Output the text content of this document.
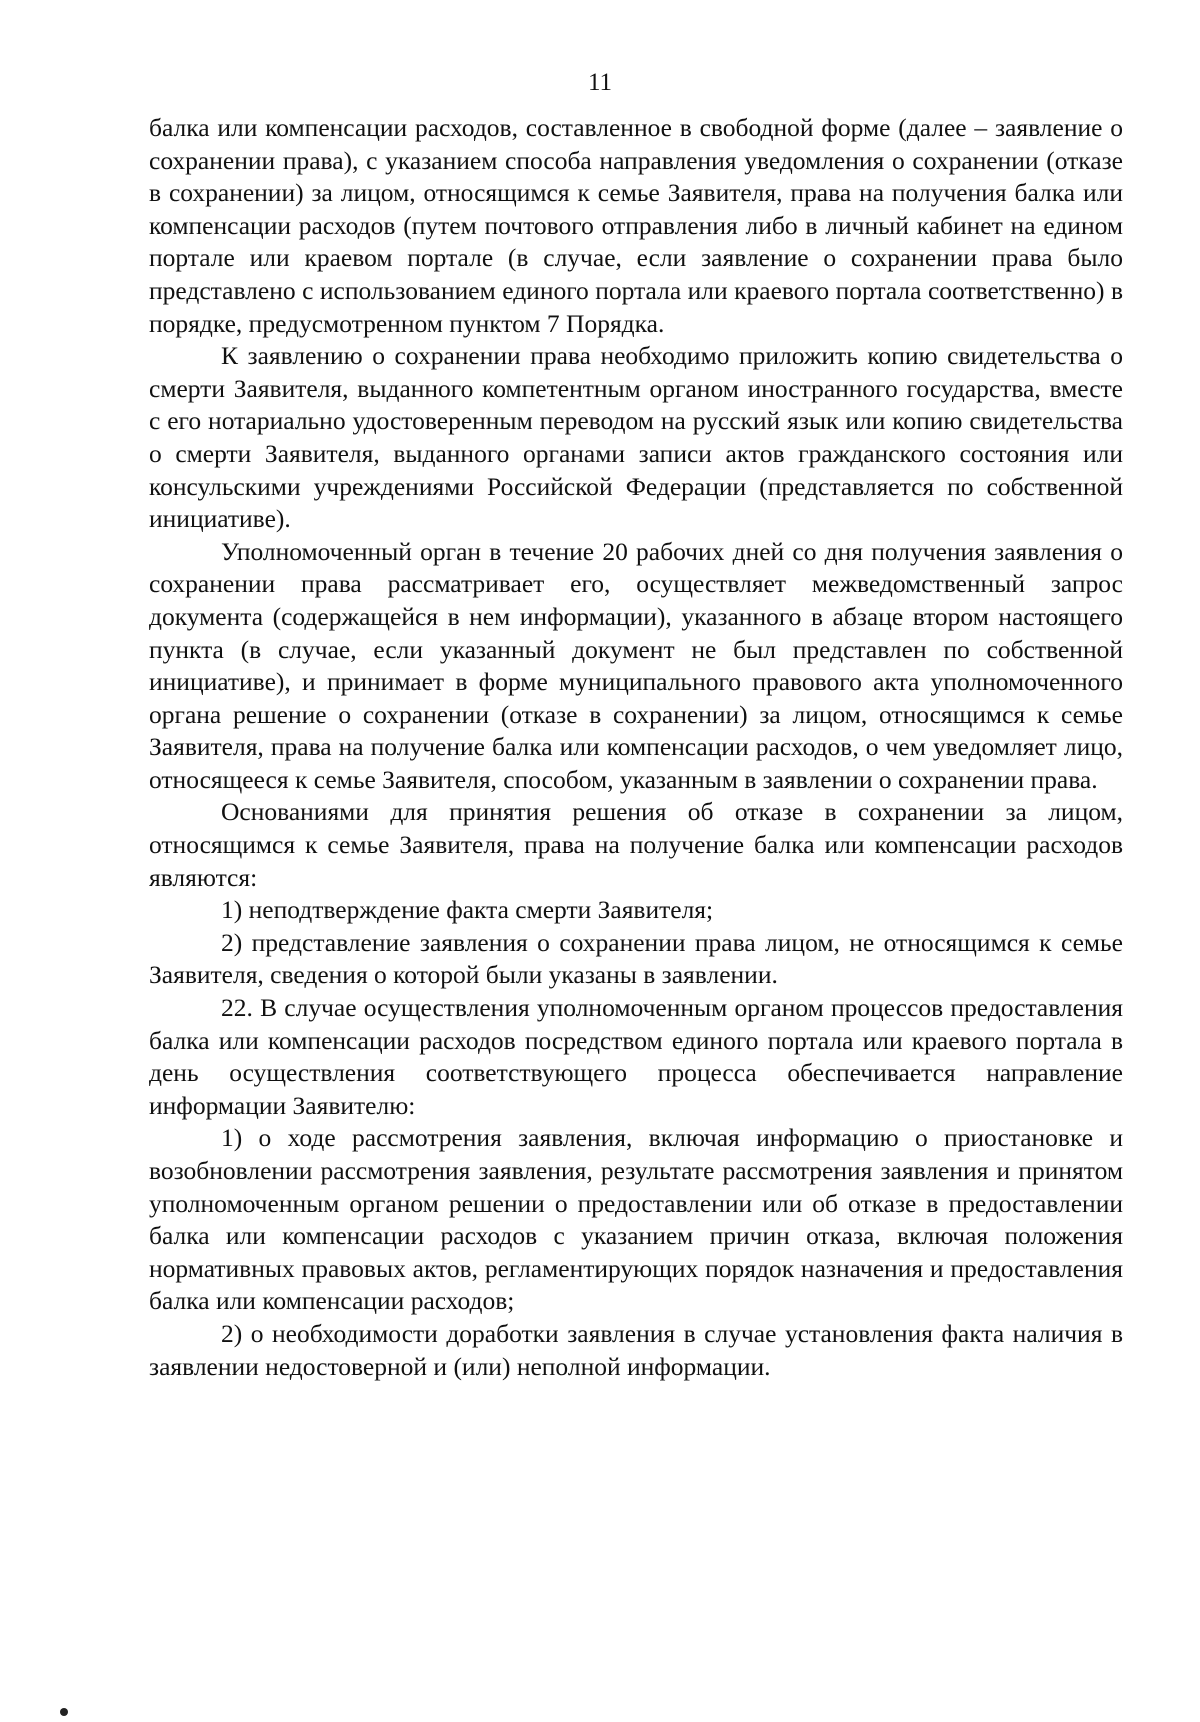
11

балка или компенсации расходов, составленное в свободной форме (далее – заявление о сохранении права), с указанием способа направления уведомления о сохранении (отказе в сохранении) за лицом, относящимся к семье Заявителя, права на получения балка или компенсации расходов (путем почтового отправления либо в личный кабинет на едином портале или краевом портале (в случае, если заявление о сохранении права было представлено с использованием единого портала или краевого портала соответственно) в порядке, предусмотренном пунктом 7 Порядка.

К заявлению о сохранении права необходимо приложить копию свидетельства о смерти Заявителя, выданного компетентным органом иностранного государства, вместе с его нотариально удостоверенным переводом на русский язык или копию свидетельства о смерти Заявителя, выданного органами записи актов гражданского состояния или консульскими учреждениями Российской Федерации (представляется по собственной инициативе).

Уполномоченный орган в течение 20 рабочих дней со дня получения заявления о сохранении права рассматривает его, осуществляет межведомственный запрос документа (содержащейся в нем информации), указанного в абзаце втором настоящего пункта (в случае, если указанный документ не был представлен по собственной инициативе), и принимает в форме муниципального правового акта уполномоченного органа решение о сохранении (отказе в сохранении) за лицом, относящимся к семье Заявителя, права на получение балка или компенсации расходов, о чем уведомляет лицо, относящееся к семье Заявителя, способом, указанным в заявлении о сохранении права.

Основаниями для принятия решения об отказе в сохранении за лицом, относящимся к семье Заявителя, права на получение балка или компенсации расходов являются:

1) неподтверждение факта смерти Заявителя;

2) представление заявления о сохранении права лицом, не относящимся к семье Заявителя, сведения о которой были указаны в заявлении.

22. В случае осуществления уполномоченным органом процессов предоставления балка или компенсации расходов посредством единого портала или краевого портала в день осуществления соответствующего процесса обеспечивается направление информации Заявителю:

1) о ходе рассмотрения заявления, включая информацию о приостановке и возобновлении рассмотрения заявления, результате рассмотрения заявления и принятом уполномоченным органом решении о предоставлении или об отказе в предоставлении балка или компенсации расходов с указанием причин отказа, включая положения нормативных правовых актов, регламентирующих порядок назначения и предоставления балка или компенсации расходов;

2) о необходимости доработки заявления в случае установления факта наличия в заявлении недостоверной и (или) неполной информации.
